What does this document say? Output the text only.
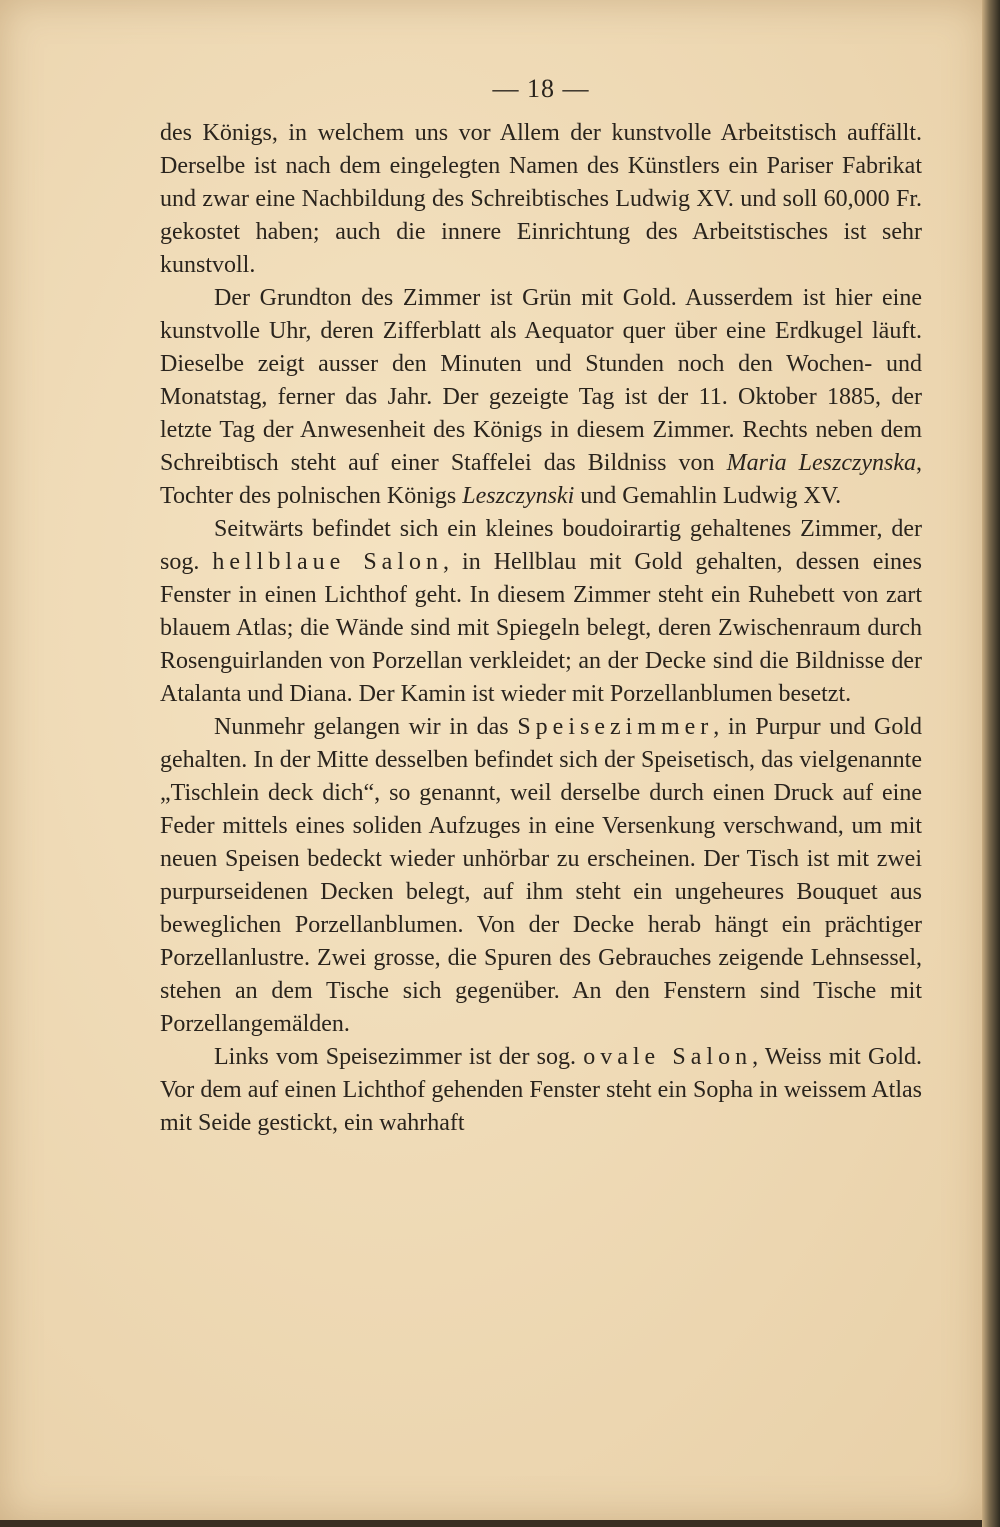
— 18 —

des Königs, in welchem uns vor Allem der kunstvolle Arbeitstisch auffällt. Derselbe ist nach dem eingelegten Namen des Künstlers ein Pariser Fabrikat und zwar eine Nachbildung des Schreibtisches Ludwig XV. und soll 60,000 Fr. gekostet haben; auch die innere Einrichtung des Arbeitstisches ist sehr kunstvoll.

Der Grundton des Zimmer ist Grün mit Gold. Ausserdem ist hier eine kunstvolle Uhr, deren Zifferblatt als Aequator quer über eine Erdkugel läuft. Dieselbe zeigt ausser den Minuten und Stunden noch den Wochen- und Monatstag, ferner das Jahr. Der gezeigte Tag ist der 11. Oktober 1885, der letzte Tag der Anwesenheit des Königs in diesem Zimmer. Rechts neben dem Schreibtisch steht auf einer Staffelei das Bildniss von Maria Leszczynska, Tochter des polnischen Königs Leszczynski und Gemahlin Ludwig XV.

Seitwärts befindet sich ein kleines boudoirartig gehaltenes Zimmer, der sog. hellblaue Salon, in Hellblau mit Gold gehalten, dessen eines Fenster in einen Lichthof geht. In diesem Zimmer steht ein Ruhebett von zart blauem Atlas; die Wände sind mit Spiegeln belegt, deren Zwischenraum durch Rosenguirlanden von Porzellan verkleidet; an der Decke sind die Bildnisse der Atalanta und Diana. Der Kamin ist wieder mit Porzellanblumen besetzt.

Nunmehr gelangen wir in das Speisezimmer, in Purpur und Gold gehalten. In der Mitte desselben befindet sich der Speisetisch, das vielgenannte „Tischlein deck dich“, so genannt, weil derselbe durch einen Druck auf eine Feder mittels eines soliden Aufzuges in eine Versenkung verschwand, um mit neuen Speisen bedeckt wieder unhörbar zu erscheinen. Der Tisch ist mit zwei purpurseidenen Decken belegt, auf ihm steht ein ungeheures Bouquet aus beweglichen Porzellanblumen. Von der Decke herab hängt ein prächtiger Porzellanlustre. Zwei grosse, die Spuren des Gebrauches zeigende Lehnsessel, stehen an dem Tische sich gegenüber. An den Fenstern sind Tische mit Porzellangemälden.

Links vom Speisezimmer ist der sog. ovale Salon, Weiss mit Gold. Vor dem auf einen Lichthof gehenden Fenster steht ein Sopha in weissem Atlas mit Seide gestickt, ein wahrhaft
